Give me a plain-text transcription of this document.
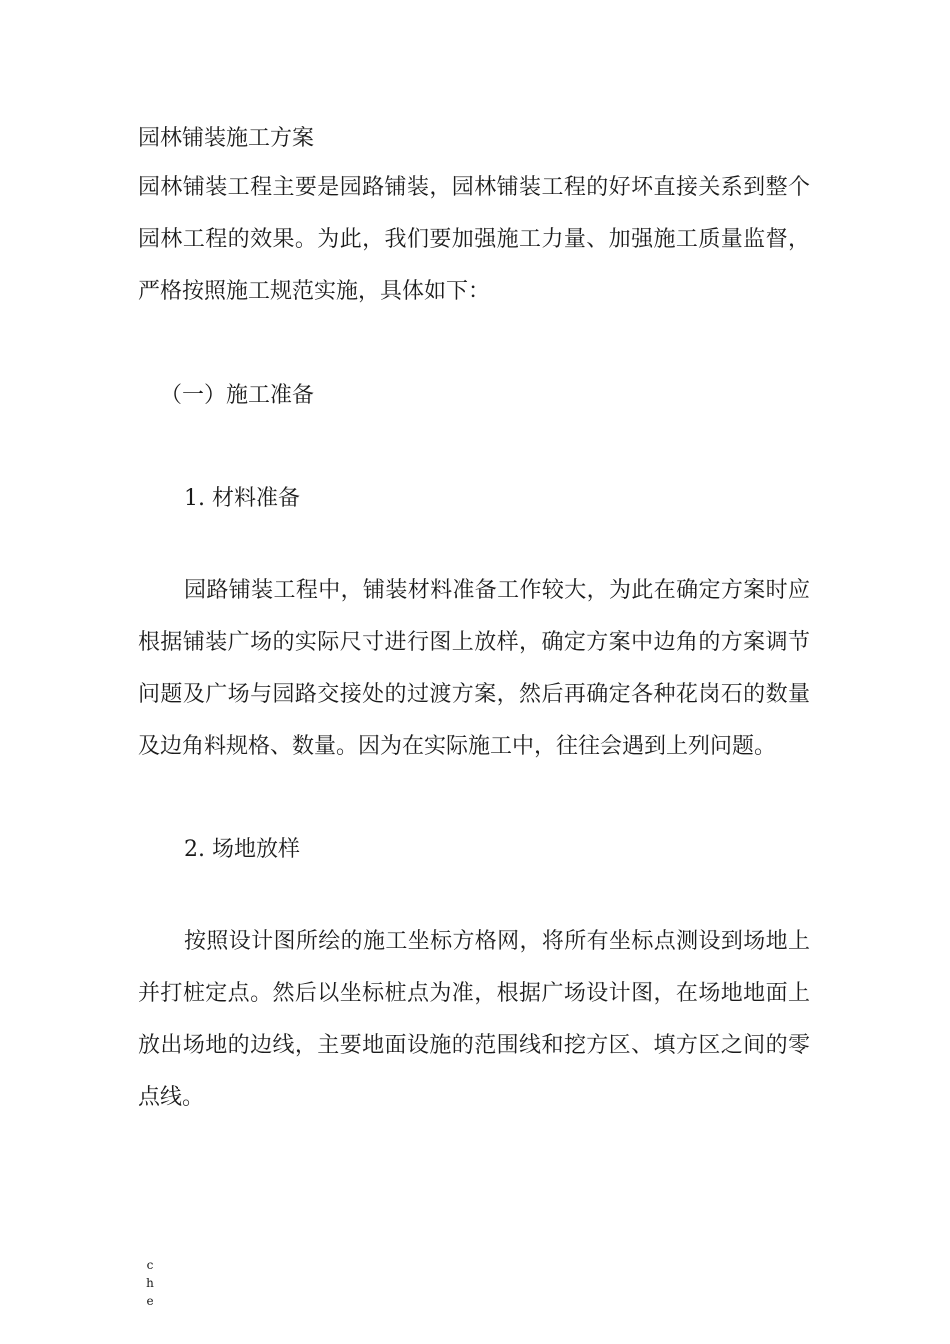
园林铺装施工方案
园林铺装工程主要是园路铺装，园林铺装工程的好坏直接关系到整个
园林工程的效果。为此，我们要加强施工力量、加强施工质量监督，
严格按照施工规范实施，具体如下：
（一）施工准备
1. 材料准备
园路铺装工程中，铺装材料准备工作较大，为此在确定方案时应
根据铺装广场的实际尺寸进行图上放样，确定方案中边角的方案调节
问题及广场与园路交接处的过渡方案，然后再确定各种花岗石的数量
及边角料规格、数量。因为在实际施工中，往往会遇到上列问题。
2. 场地放样
按照设计图所绘的施工坐标方格网，将所有坐标点测设到场地上
并打桩定点。然后以坐标桩点为准，根据广场设计图，在场地地面上
放出场地的边线，主要地面设施的范围线和挖方区、填方区之间的零
点线。
c
h
e
